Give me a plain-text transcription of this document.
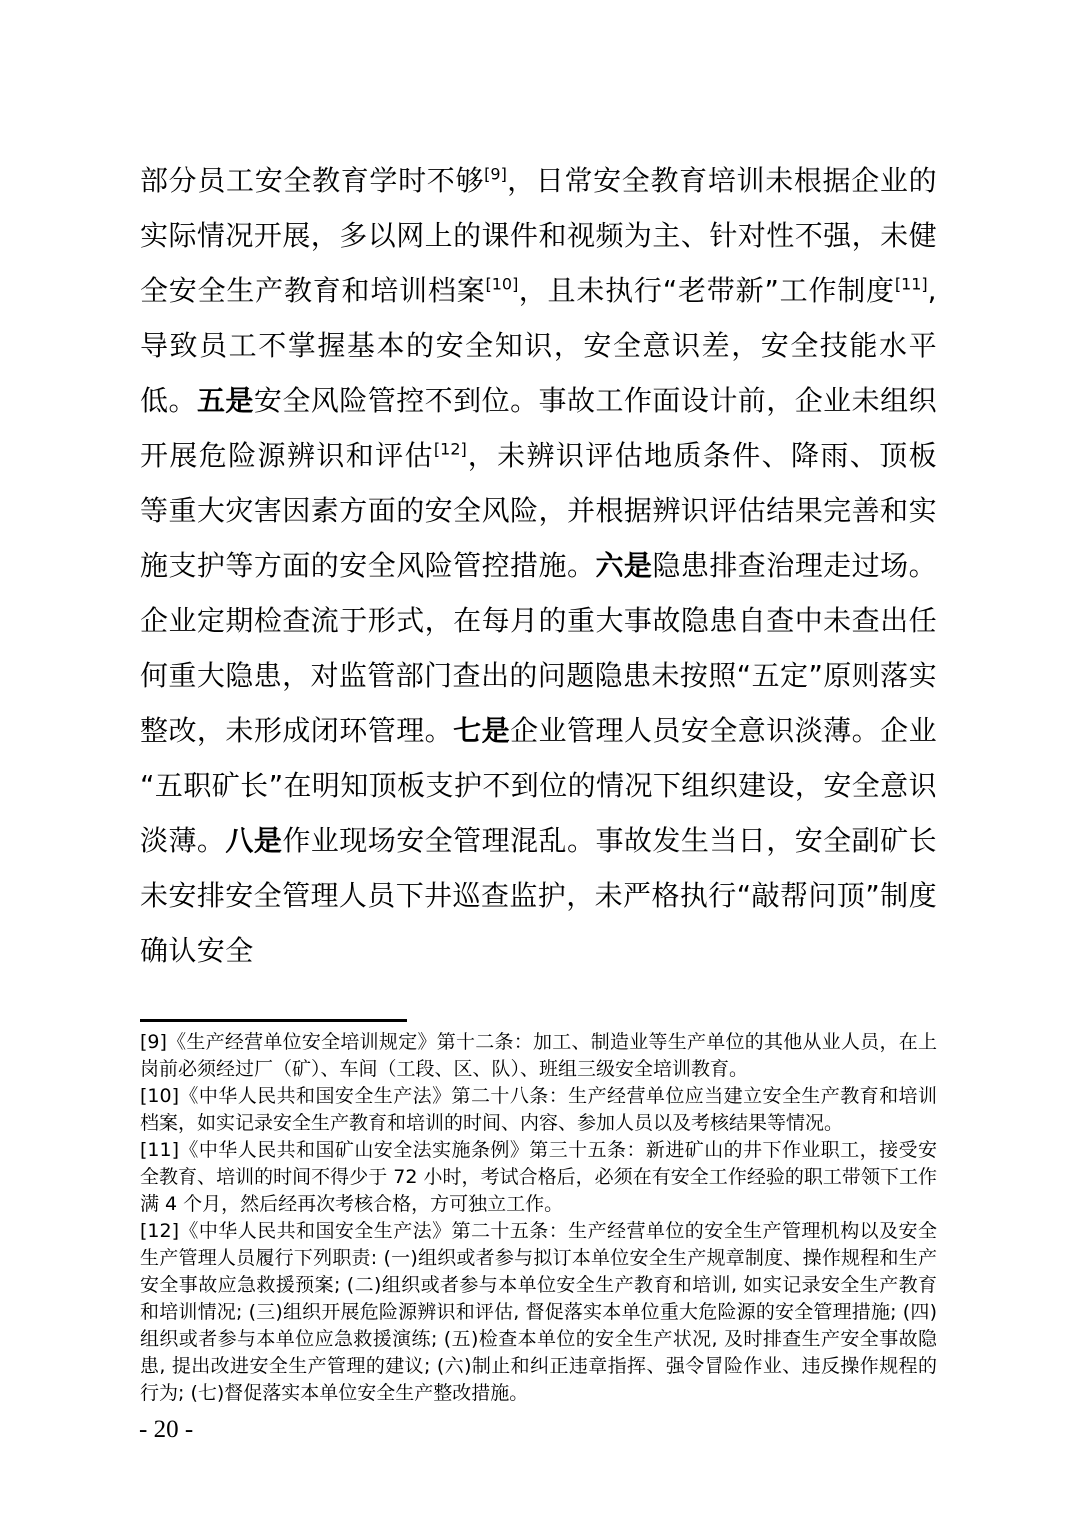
部分员工安全教育学时不够[9]，日常安全教育培训未根据企业的实际情况开展，多以网上的课件和视频为主、针对性不强，未健全安全生产教育和培训档案[10]，且未执行“老带新”工作制度[11],导致员工不掌握基本的安全知识，安全意识差，安全技能水平低。五是安全风险管控不到位。事故工作面设计前，企业未组织开展危险源辨识和评估[12]，未辨识评估地质条件、降雨、顶板等重大灾害因素方面的安全风险，并根据辨识评估结果完善和实施支护等方面的安全风险管控措施。六是隐患排查治理走过场。企业定期检查流于形式，在每月的重大事故隐患自查中未查出任何重大隐患，对监管部门查出的问题隐患未按照“五定”原则落实整改，未形成闭环管理。七是企业管理人员安全意识淡薄。企业“五职矿长”在明知顶板支护不到位的情况下组织建设，安全意识淡薄。八是作业现场安全管理混乱。事故发生当日，安全副矿长未安排安全管理人员下井巡查监护，未严格执行“敲帮问顶”制度确认安全
[9]《生产经营单位安全培训规定》第十二条：加工、制造业等生产单位的其他从业人员，在上岗前必须经过厂（矿）、车间（工段、区、队）、班组三级安全培训教育。
[10]《中华人民共和国安全生产法》第二十八条：生产经营单位应当建立安全生产教育和培训档案，如实记录安全生产教育和培训的时间、内容、参加人员以及考核结果等情况。
[11]《中华人民共和国矿山安全法实施条例》第三十五条：新进矿山的井下作业职工，接受安全教育、培训的时间不得少于 72 小时，考试合格后，必须在有安全工作经验的职工带领下工作满 4 个月，然后经再次考核合格，方可独立工作。
[12]《中华人民共和国安全生产法》第二十五条：生产经营单位的安全生产管理机构以及安全生产管理人员履行下列职责: (一)组织或者参与拟订本单位安全生产规章制度、操作规程和生产安全事故应急救援预案; (二)组织或者参与本单位安全生产教育和培训, 如实记录安全生产教育和培训情况; (三)组织开展危险源辨识和评估, 督促落实本单位重大危险源的安全管理措施; (四)组织或者参与本单位应急救援演练; (五)检查本单位的安全生产状况, 及时排查生产安全事故隐患, 提出改进安全生产管理的建议; (六)制止和纠正违章指挥、强令冒险作业、违反操作规程的行为; (七)督促落实本单位安全生产整改措施。
- 20 -
